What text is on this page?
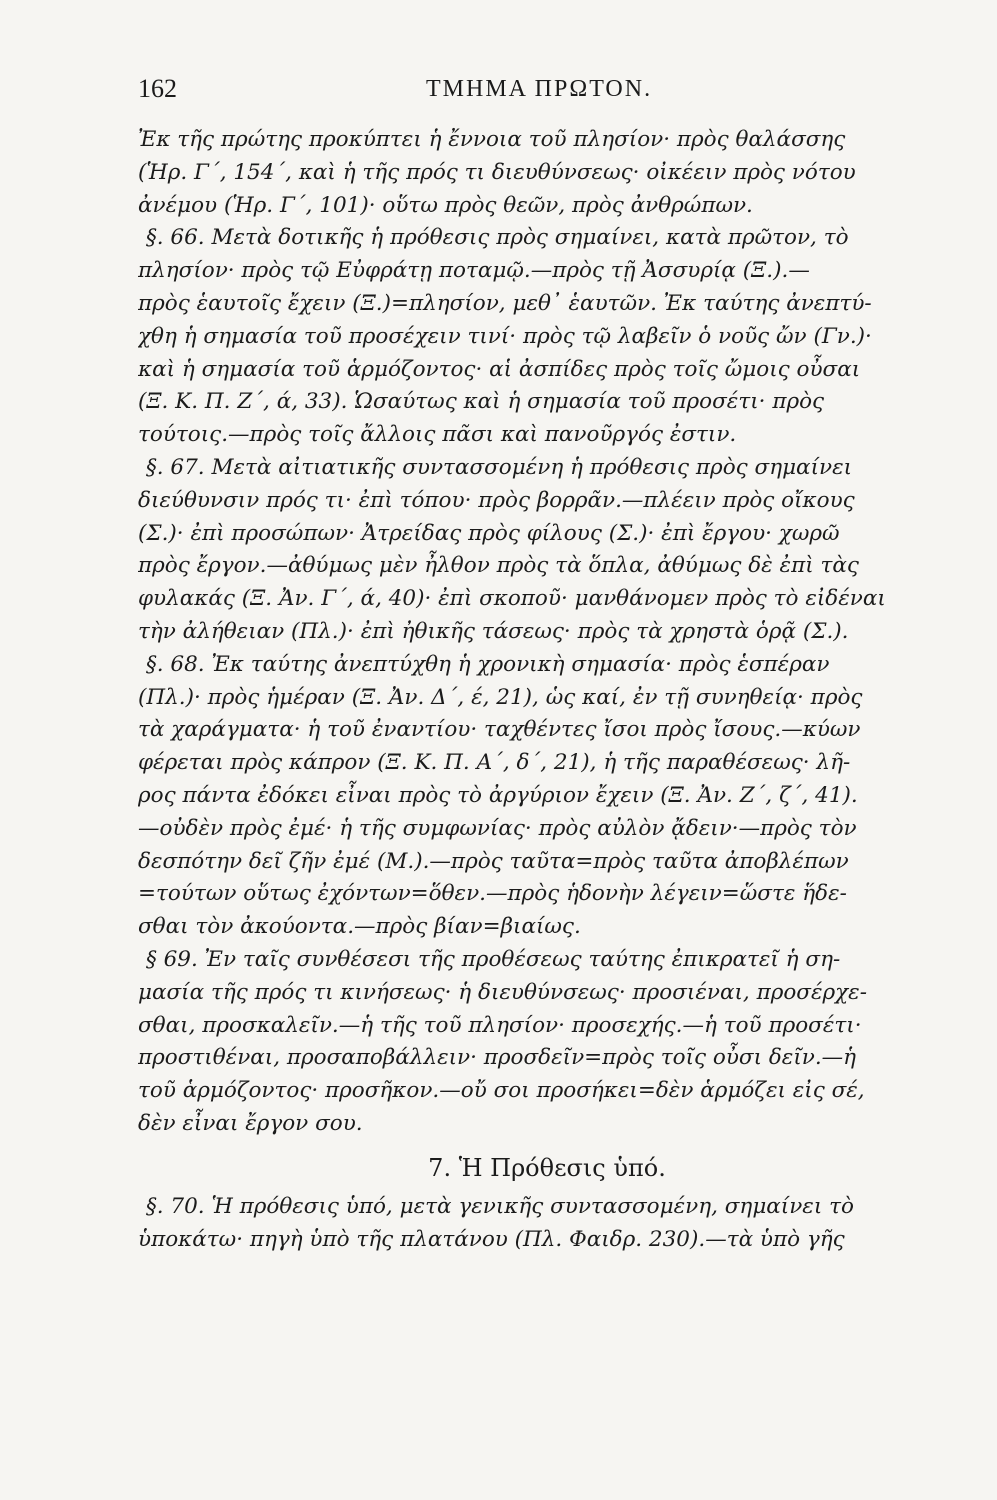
162	ΤΜΗΜΑ ΠΡΩΤΟΝ.
Ἐκ τῆς πρώτης προκύπτει ἡ ἔννοια τοῦ πλησίον· πρὸς θαλάσσης
(Ἡρ. Γ΄, 154΄, καὶ ἡ τῆς πρός τι διευθύνσεως· οἰκέειν πρὸς νότου
ἀνέμου (Ἡρ. Γ΄, 101)· οὕτω πρὸς θεῶν, πρὸς ἀνθρώπων.
§. 66. Μετὰ δοτικῆς ἡ πρόθεσις πρὸς σημαίνει, κατὰ πρῶτον, τὸ
πλησίον· πρὸς τῷ Εὐφράτῃ ποταμῷ.—πρὸς τῇ Ἀσσυρίᾳ (Ξ.).—
πρὸς ἑαυτοῖς ἔχειν (Ξ.)=πλησίον, μεθ᾽ ἑαυτῶν. Ἐκ ταύτης ἀνεπτύ-
χθη ἡ σημασία τοῦ προσέχειν τινί· πρὸς τῷ λαβεῖν ὁ νοῦς ὤν (Γν.)·
καὶ ἡ σημασία τοῦ ἁρμόζοντος· αἱ ἀσπίδες πρὸς τοῖς ὤμοις οὖσαι
(Ξ. Κ. Π. Ζ΄, ά, 33). Ὡσαύτως καὶ ἡ σημασία τοῦ προσέτι· πρὸς
τούτοις.—πρὸς τοῖς ἄλλοις πᾶσι καὶ πανοῦργός ἐστιν.
§. 67. Μετὰ αἰτιατικῆς συντασσομένη ἡ πρόθεσις πρὸς σημαίνει
διεύθυνσιν πρός τι· ἐπὶ τόπου· πρὸς βορρᾶν.—πλέειν πρὸς οἴκους
(Σ.)· ἐπὶ προσώπων· Ἀτρείδας πρὸς φίλους (Σ.)· ἐπὶ ἔργου· χωρῶ
πρὸς ἔργον.—ἀθύμως μὲν ἦλθον πρὸς τὰ ὅπλα, ἀθύμως δὲ ἐπὶ τὰς
φυλακάς (Ξ. Ἀν. Γ΄, ά, 40)· ἐπὶ σκοποῦ· μανθάνομεν πρὸς τὸ εἰδέναι
τὴν ἀλήθειαν (Πλ.)· ἐπὶ ἠθικῆς τάσεως· πρὸς τὰ χρηστὰ ὁρᾷ (Σ.).
§. 68. Ἐκ ταύτης ἀνεπτύχθη ἡ χρονικὴ σημασία· πρὸς ἑσπέραν
(Πλ.)· πρὸς ἡμέραν (Ξ. Ἀν. Δ΄, έ, 21), ὡς καί, ἐν τῇ συνηθείᾳ· πρὸς
τὰ χαράγματα· ἡ τοῦ ἐναντίου· ταχθέντες ἴσοι πρὸς ἴσους.—κύων
φέρεται πρὸς κάπρον (Ξ. Κ. Π. Α΄, δ΄, 21), ἡ τῆς παραθέσεως· λῆ-
ρος πάντα ἐδόκει εἶναι πρὸς τὸ ἀργύριον ἔχειν (Ξ. Ἀν. Ζ΄, ζ΄, 41).
—οὐδὲν πρὸς ἐμέ· ἡ τῆς συμφωνίας· πρὸς αὐλὸν ᾄδειν·—πρὸς τὸν
δεσπότην δεῖ ζῆν ἐμέ (Μ.).—πρὸς ταῦτα=πρὸς ταῦτα ἀποβλέπων
=τούτων οὕτως ἐχόντων=ὅθεν.—πρὸς ἡδονὴν λέγειν=ὥστε ἥδε-
σθαι τὸν ἀκούοντα.—πρὸς βίαν=βιαίως.
§ 69. Ἐν ταῖς συνθέσεσι τῆς προθέσεως ταύτης ἐπικρατεῖ ἡ ση-
μασία τῆς πρός τι κινήσεως· ἡ διευθύνσεως· προσιέναι, προσέρχε-
σθαι, προσκαλεῖν.—ἡ τῆς τοῦ πλησίον· προσεχής.—ἡ τοῦ προσέτι·
προστιθέναι, προσαποβάλλειν· προσδεῖν=πρὸς τοῖς οὖσι δεῖν.—ἡ
τοῦ ἁρμόζοντος· προσῆκον.—οὔ σοι προσήκει=δὲν ἁρμόζει εἰς σέ,
δὲν εἶναι ἔργον σου.
7. Ἡ Πρόθεσις ὑπό.
§. 70. Ἡ πρόθεσις ὑπό, μετὰ γενικῆς συντασσομένη, σημαίνει τὸ
ὑποκάτω· πηγὴ ὑπὸ τῆς πλατάνου (Πλ. Φαιδρ. 230).—τὰ ὑπὸ γῆς
